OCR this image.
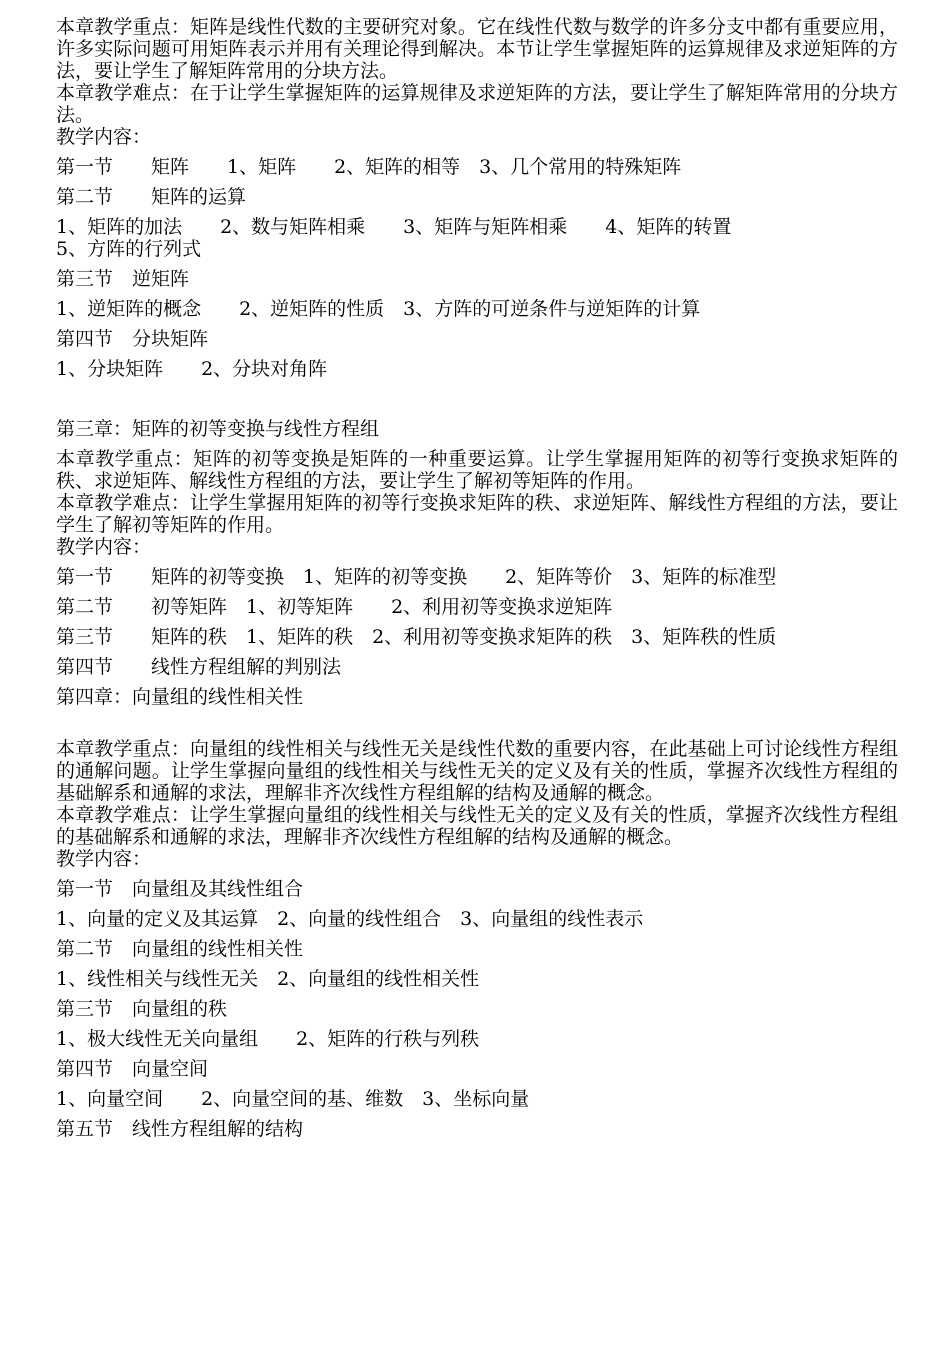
本章教学重点：矩阵是线性代数的主要研究对象。它在线性代数与数学的许多分支中都有重要应用，许多实际问题可用矩阵表示并用有关理论得到解决。本节让学生掌握矩阵的运算规律及求逆矩阵的方法，要让学生了解矩阵常用的分块方法。

本章教学难点：在于让学生掌握矩阵的运算规律及求逆矩阵的方法，要让学生了解矩阵常用的分块方法。

教学内容：

第一节　　矩阵　　1、矩阵　　2、矩阵的相等　3、几个常用的特殊矩阵

第二节　　矩阵的运算

1、矩阵的加法　　2、数与矩阵相乘　　3、矩阵与矩阵相乘　　4、矩阵的转置

5、方阵的行列式

第三节　逆矩阵

1、逆矩阵的概念　　2、逆矩阵的性质　3、方阵的可逆条件与逆矩阵的计算

第四节　分块矩阵

1、分块矩阵　　2、分块对角阵

第三章：矩阵的初等变换与线性方程组

本章教学重点：矩阵的初等变换是矩阵的一种重要运算。让学生掌握用矩阵的初等行变换求矩阵的秩、求逆矩阵、解线性方程组的方法，要让学生了解初等矩阵的作用。

本章教学难点：让学生掌握用矩阵的初等行变换求矩阵的秩、求逆矩阵、解线性方程组的方法，要让学生了解初等矩阵的作用。

教学内容：

第一节　　矩阵的初等变换　1、矩阵的初等变换　　2、矩阵等价　3、矩阵的标准型

第二节　　初等矩阵　1、初等矩阵　　2、利用初等变换求逆矩阵

第三节　　矩阵的秩　1、矩阵的秩　2、利用初等变换求矩阵的秩　3、矩阵秩的性质

第四节　　线性方程组解的判别法

第四章：向量组的线性相关性

本章教学重点：向量组的线性相关与线性无关是线性代数的重要内容，在此基础上可讨论线性方程组的通解问题。让学生掌握向量组的线性相关与线性无关的定义及有关的性质，掌握齐次线性方程组的基础解系和通解的求法，理解非齐次线性方程组解的结构及通解的概念。

本章教学难点：让学生掌握向量组的线性相关与线性无关的定义及有关的性质，掌握齐次线性方程组的基础解系和通解的求法，理解非齐次线性方程组解的结构及通解的概念。

教学内容：

第一节　向量组及其线性组合

1、向量的定义及其运算　2、向量的线性组合　3、向量组的线性表示

第二节　向量组的线性相关性

1、线性相关与线性无关　2、向量组的线性相关性

第三节　向量组的秩

1、极大线性无关向量组　　2、矩阵的行秩与列秩

第四节　向量空间

1、向量空间　　2、向量空间的基、维数　3、坐标向量

第五节　线性方程组解的结构
